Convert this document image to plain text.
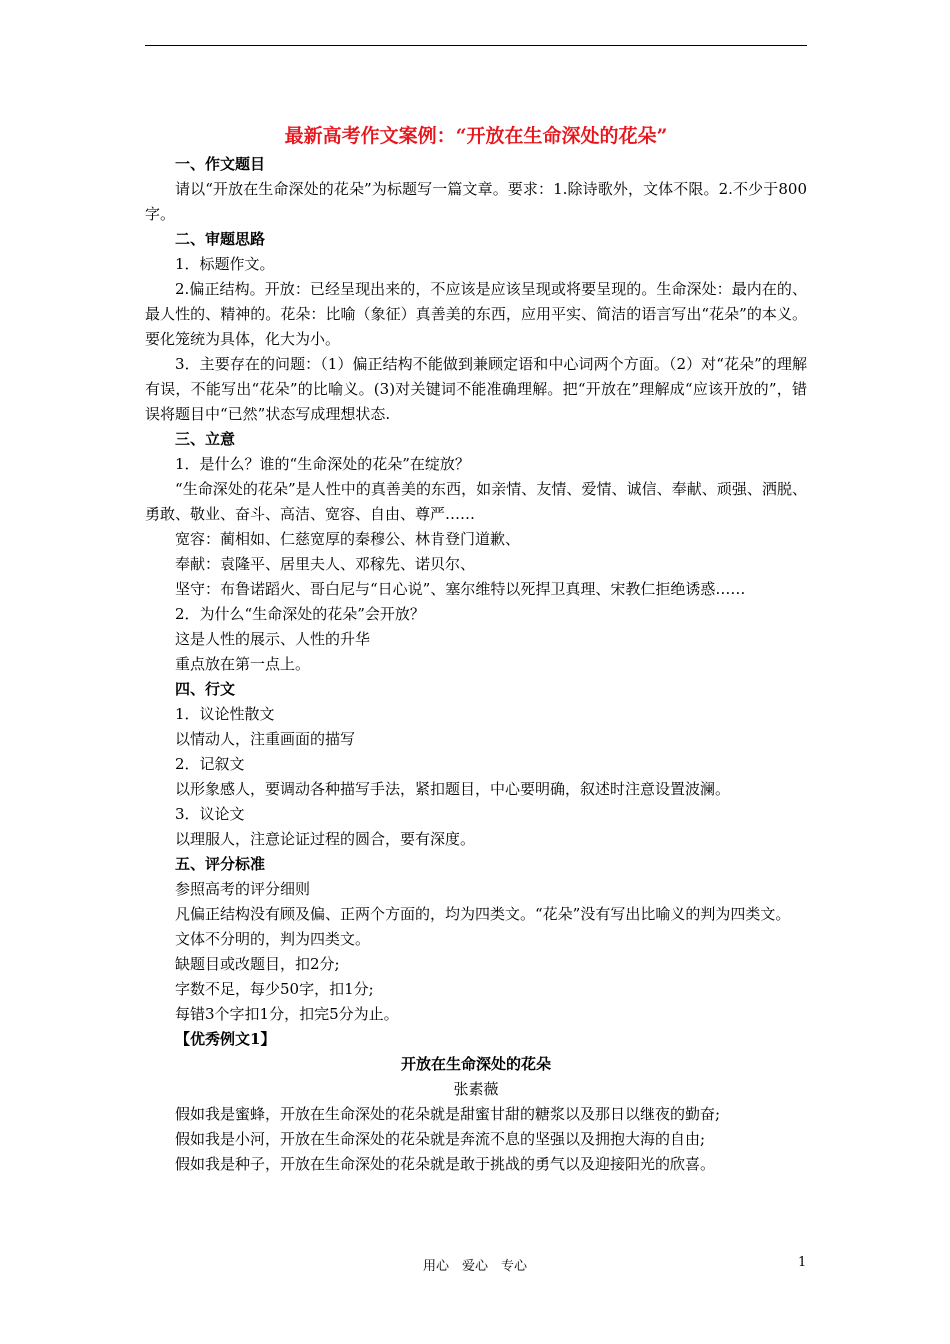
最新高考作文案例：“开放在生命深处的花朵”
一、作文题目
请以“开放在生命深处的花朵”为标题写一篇文章。要求：1.除诗歌外，文体不限。2.不少于800字。
二、审题思路
1．标题作文。
2.偏正结构。开放：已经呈现出来的，不应该是应该呈现或将要呈现的。生命深处：最内在的、最人性的、精神的。花朵：比喻（象征）真善美的东西，应用平实、简洁的语言写出“花朵”的本义。要化笼统为具体，化大为小。
3．主要存在的问题：（1）偏正结构不能做到兼顾定语和中心词两个方面。（2）对“花朵”的理解有误，不能写出“花朵”的比喻义。(3)对关键词不能准确理解。把“开放在”理解成“应该开放的”，错误将题目中“已然”状态写成理想状态.
三、立意
1．是什么？谁的“生命深处的花朵”在绽放？
“生命深处的花朵”是人性中的真善美的东西，如亲情、友情、爱情、诚信、奉献、顽强、洒脱、勇敢、敬业、奋斗、高洁、宽容、自由、尊严……
宽容：蔺相如、仁慈宽厚的秦穆公、林肯登门道歉、
奉献：袁隆平、居里夫人、邓稼先、诺贝尔、
坚守：布鲁诺蹈火、哥白尼与“日心说”、塞尔维特以死捍卫真理、宋教仁拒绝诱惑……
2．为什么“生命深处的花朵”会开放？
这是人性的展示、人性的升华
重点放在第一点上。
四、行文
1．议论性散文
以情动人，注重画面的描写
2．记叙文
以形象感人，要调动各种描写手法，紧扣题目，中心要明确，叙述时注意设置波澜。
3．议论文
以理服人，注意论证过程的圆合，要有深度。
五、评分标准
参照高考的评分细则
凡偏正结构没有顾及偏、正两个方面的，均为四类文。“花朵”没有写出比喻义的判为四类文。
文体不分明的，判为四类文。
缺题目或改题目，扣2分;
字数不足，每少50字，扣1分;
每错3个字扣1分，扣完5分为止。
【优秀例文1】
开放在生命深处的花朵
张素薇
假如我是蜜蜂，开放在生命深处的花朵就是甜蜜甘甜的糖浆以及那日以继夜的勤奋;
假如我是小河，开放在生命深处的花朵就是奔流不息的坚强以及拥抱大海的自由;
假如我是种子，开放在生命深处的花朵就是敢于挑战的勇气以及迎接阳光的欣喜。
用心　爱心　专心	1
